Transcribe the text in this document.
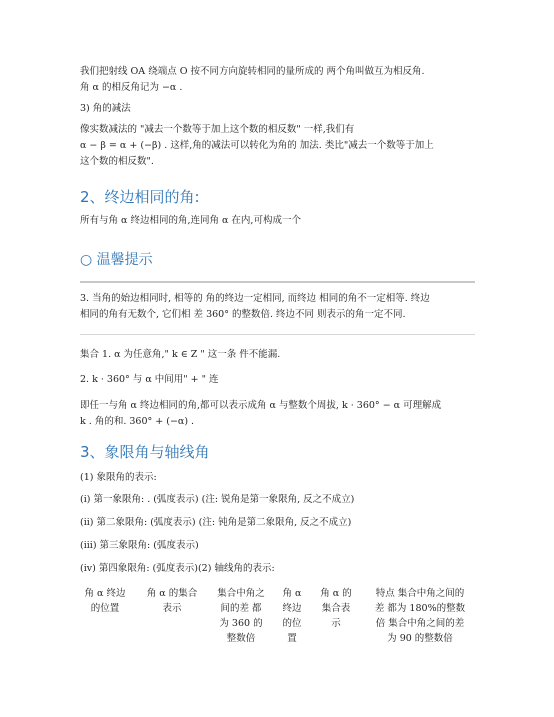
我们把射线 OA 绕端点 O 按不同方向旋转相同的量所成的 两个角叫做互为相反角.
角 α 的相反角记为 −α .

3) 角的减法

像实数减法的 "减去一个数等于加上这个数的相反数" 一样,我们有
α − β = α + (−β) . 这样,角的减法可以转化为角的 加法. 类比"减去一个数等于加上
这个数的相反数".

2、终边相同的角:

所有与角 α 终边相同的角,连同角 α 在内,可构成一个

○ 温馨提示

3. 当角的始边相同时, 相等的 角的终边一定相同, 而终边 相同的角不一定相等. 终边
相同的角有无数个, 它们相 差 360° 的整数倍. 终边不同 则表示的角一定不同.

集合 1. α 为任意角," k ∈ Z " 这一条 件不能漏.

2. k · 360° 与 α 中间用" + " 连

即任一与角 α 终边相同的角,都可以表示成角 α 与整数个周拔, k · 360° − α 可理解成
k . 角的和. 360° + (−α) .

3、象限角与轴线角

(1) 象限角的表示:

(i) 第一象限角: . (弧度表示) (注: 锐角是第一象限角, 反之不成立)

(ii) 第二象限角: (弧度表示) (注: 钝角是第二象限角, 反之不成立)

(iii) 第三象限角: (弧度表示)

(iv) 第四象限角: (弧度表示)(2) 轴线角的表示:

角 α 终边
的位置
角 α 的集合
表示
集合中角之
间的差 都
为 360 的
整数倍
角 α
终边
的位
置
角 α 的
集合表
示
特点 集合中角之间的
差 都为 180%的整数
倍 集合中角之间的差
为 90 的整数倍
